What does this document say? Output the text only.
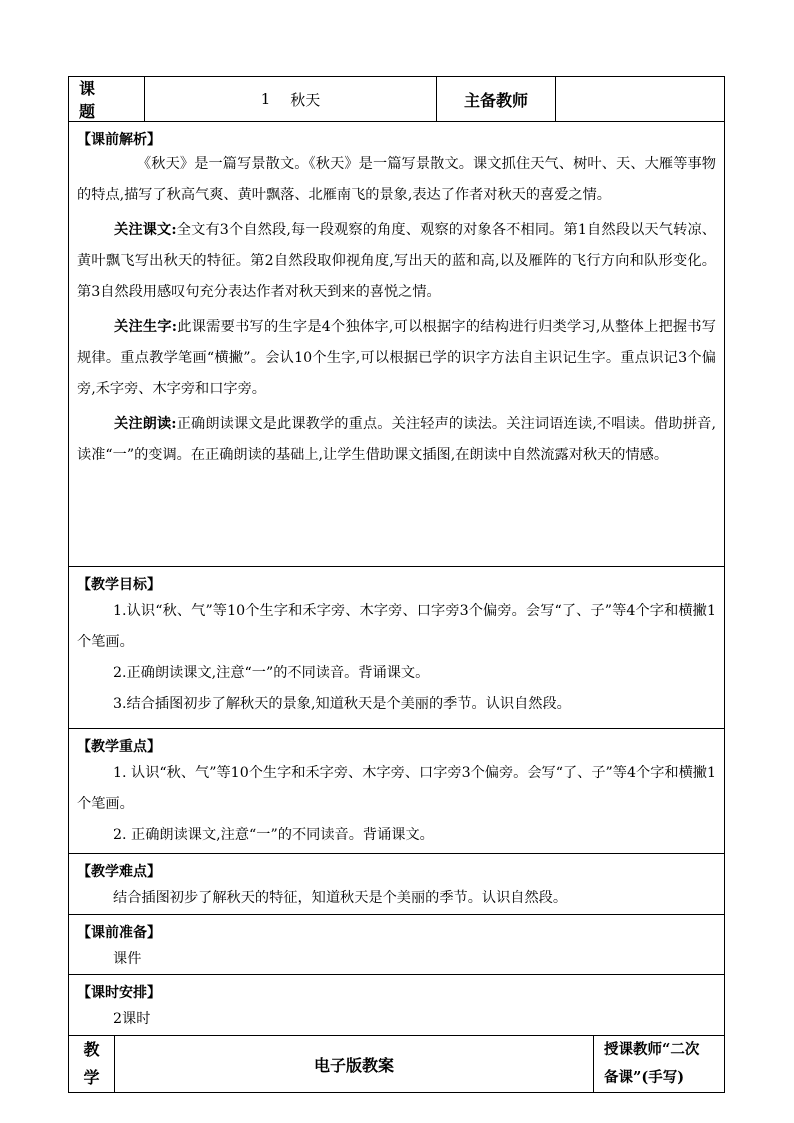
课　题
1 秋天	主备教师
【课前解析】
《秋天》是一篇写景散文。《秋天》是一篇写景散文。课文抓住天气、树叶、天、大雁等事物的特点,描写了秋高气爽、黄叶飘落、北雁南飞的景象,表达了作者对秋天的喜爱之情。
关注课文:全文有3个自然段,每一段观察的角度、观察的对象各不相同。第1自然段以天气转凉、黄叶飘飞写出秋天的特征。第2自然段取仰视角度,写出天的蓝和高,以及雁阵的飞行方向和队形变化。第3自然段用感叹句充分表达作者对秋天到来的喜悦之情。
关注生字:此课需要书写的生字是4个独体字,可以根据字的结构进行归类学习,从整体上把握书写规律。重点教学笔画“横撇”。会认10个生字,可以根据已学的识字方法自主识记生字。重点识记3个偏旁,禾字旁、木字旁和口字旁。
关注朗读:正确朗读课文是此课教学的重点。关注轻声的读法。关注词语连读,不唱读。借助拼音,读准“一”的变调。在正确朗读的基础上,让学生借助课文插图,在朗读中自然流露对秋天的情感。
【教学目标】
1.认识“秋、气”等10个生字和禾字旁、木字旁、口字旁3个偏旁。会写“了、子”等4个字和横撇1个笔画。
2.正确朗读课文,注意“一”的不同读音。背诵课文。
3.结合插图初步了解秋天的景象,知道秋天是个美丽的季节。认识自然段。
【教学重点】
1. 认识“秋、气”等10个生字和禾字旁、木字旁、口字旁3个偏旁。会写“了、子”等4个字和横撇1个笔画。
2. 正确朗读课文,注意“一”的不同读音。背诵课文。
【教学难点】
结合插图初步了解秋天的特征，知道秋天是个美丽的季节。认识自然段。
【课前准备】
课件
【课时安排】
2课时
教
学
电子版教案
授课教师“二次
备课”(手写)
